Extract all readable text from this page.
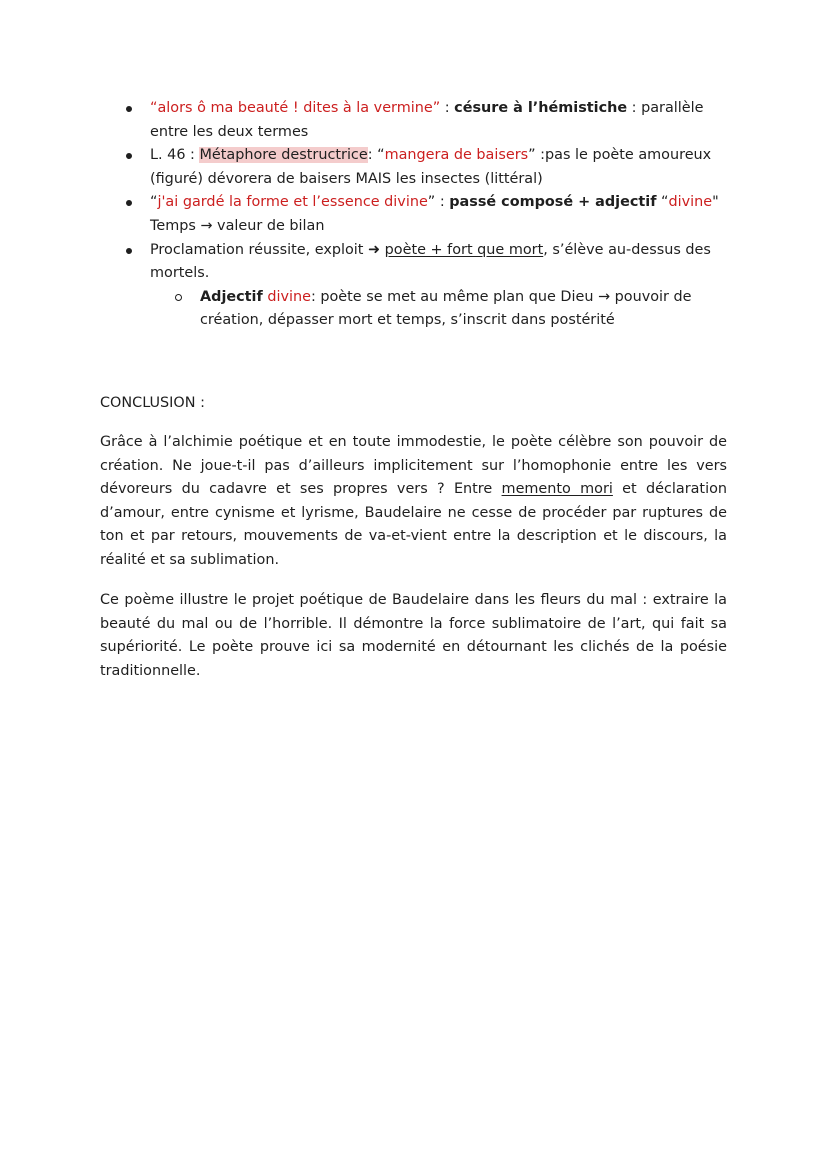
“alors ô ma beauté ! dites à la vermine” : césure à l’hémistiche : parallèle entre les deux termes
L. 46 : Métaphore destructrice: “mangera de baisers” :pas le poète amoureux (figuré) dévorera de baisers MAIS les insectes (littéral)
“j'ai gardé la forme et l’essence divine” : passé composé + adjectif “divine"
Temps → valeur de bilan
Proclamation réussite, exploit ➜ poète + fort que mort, s’élève au-dessus des mortels.
Adjectif divine: poète se met au même plan que Dieu → pouvoir de création, dépasser mort et temps, s’inscrit dans postérité
CONCLUSION :

Grâce à l’alchimie poétique et en toute immodestie, le poète célèbre son pouvoir de création. Ne joue-t-il pas d’ailleurs implicitement sur l’homophonie entre les vers dévoreurs du cadavre et ses propres vers ? Entre memento mori et déclaration d’amour, entre cynisme et lyrisme, Baudelaire ne cesse de procéder par ruptures de ton et par retours, mouvements de va-et-vient entre la description et le discours, la réalité et sa sublimation.

Ce poème illustre le projet poétique de Baudelaire dans les fleurs du mal : extraire la beauté du mal ou de l’horrible. Il démontre la force sublimatoire de l’art, qui fait sa supériorité. Le poète prouve ici sa modernité en détournant les clichés de la poésie traditionnelle.
